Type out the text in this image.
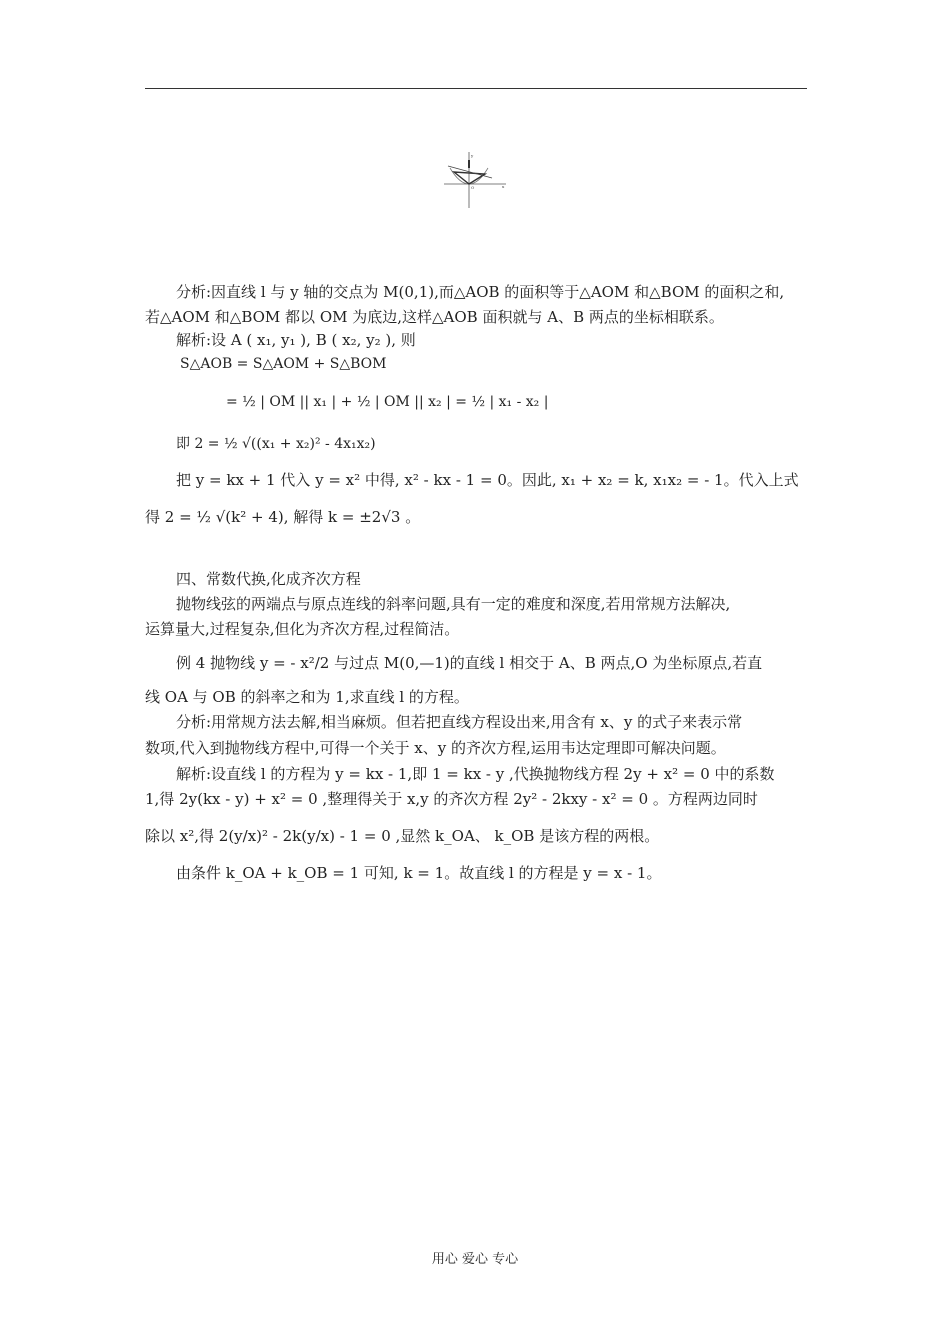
y
x
O
分析:因直线 l 与 y 轴的交点为 M(0,1),而△AOB 的面积等于△AOM 和△BOM 的面积之和,
若△AOM 和△BOM 都以 OM 为底边,这样△AOB 面积就与 A、B 两点的坐标相联系。
解析:设 A ( x₁, y₁ ), B ( x₂, y₂ ), 则
S△AOB = S△AOM + S△BOM
= ½ | OM || x₁ | + ½ | OM || x₂ | = ½ | x₁ - x₂ |
即 2 = ½ √((x₁ + x₂)² - 4x₁x₂)
把 y = kx + 1 代入 y = x² 中得, x² - kx - 1 = 0。因此, x₁ + x₂ = k, x₁x₂ = - 1。代入上式
得 2 = ½ √(k² + 4), 解得 k = ±2√3 。
四、常数代换,化成齐次方程
抛物线弦的两端点与原点连线的斜率问题,具有一定的难度和深度,若用常规方法解决,
运算量大,过程复杂,但化为齐次方程,过程简洁。
例 4 抛物线 y = - x²/2 与过点 M(0,—1)的直线 l 相交于 A、B 两点,O 为坐标原点,若直
线 OA 与 OB 的斜率之和为 1,求直线 l 的方程。
分析:用常规方法去解,相当麻烦。但若把直线方程设出来,用含有 x、y 的式子来表示常
数项,代入到抛物线方程中,可得一个关于 x、y 的齐次方程,运用韦达定理即可解决问题。
解析:设直线 l 的方程为 y = kx - 1,即 1 = kx - y ,代换抛物线方程 2y + x² = 0 中的系数
1,得 2y(kx - y) + x² = 0 ,整理得关于 x,y 的齐次方程 2y² - 2kxy - x² = 0 。方程两边同时
除以 x²,得 2(y/x)² - 2k(y/x) - 1 = 0 ,显然 k_OA、 k_OB 是该方程的两根。
由条件 k_OA + k_OB = 1 可知, k = 1。故直线 l 的方程是 y = x - 1。
用心 爱心 专心
